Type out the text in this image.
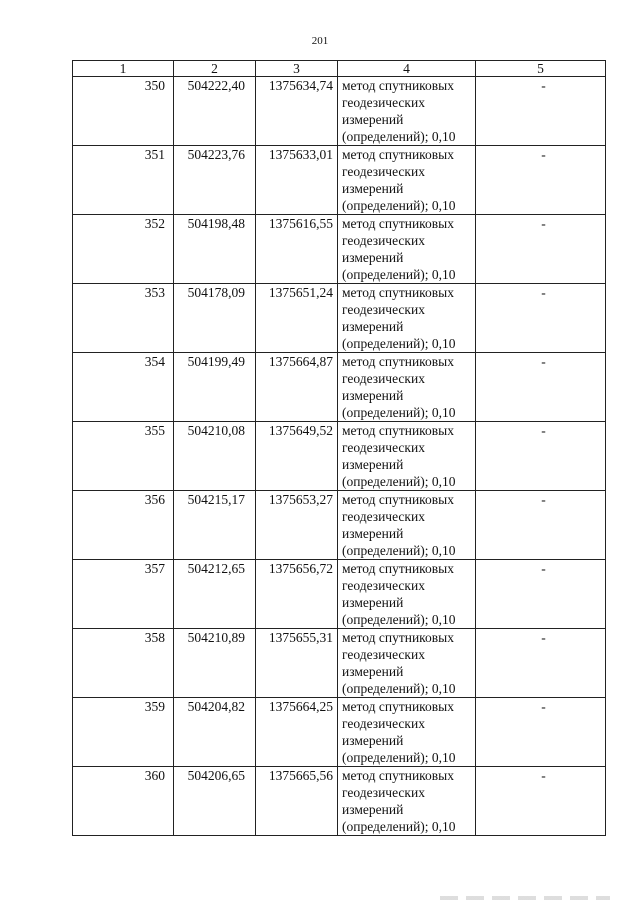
201
1	2	3	4	5
350	504222,40	1375634,74	метод спутниковых
геодезических
измерений
(определений); 0,10	-
351	504223,76	1375633,01	метод спутниковых
геодезических
измерений
(определений); 0,10	-
352	504198,48	1375616,55	метод спутниковых
геодезических
измерений
(определений); 0,10	-
353	504178,09	1375651,24	метод спутниковых
геодезических
измерений
(определений); 0,10	-
354	504199,49	1375664,87	метод спутниковых
геодезических
измерений
(определений); 0,10	-
355	504210,08	1375649,52	метод спутниковых
геодезических
измерений
(определений); 0,10	-
356	504215,17	1375653,27	метод спутниковых
геодезических
измерений
(определений); 0,10	-
357	504212,65	1375656,72	метод спутниковых
геодезических
измерений
(определений); 0,10	-
358	504210,89	1375655,31	метод спутниковых
геодезических
измерений
(определений); 0,10	-
359	504204,82	1375664,25	метод спутниковых
геодезических
измерений
(определений); 0,10	-
360	504206,65	1375665,56	метод спутниковых
геодезических
измерений
(определений); 0,10	-
